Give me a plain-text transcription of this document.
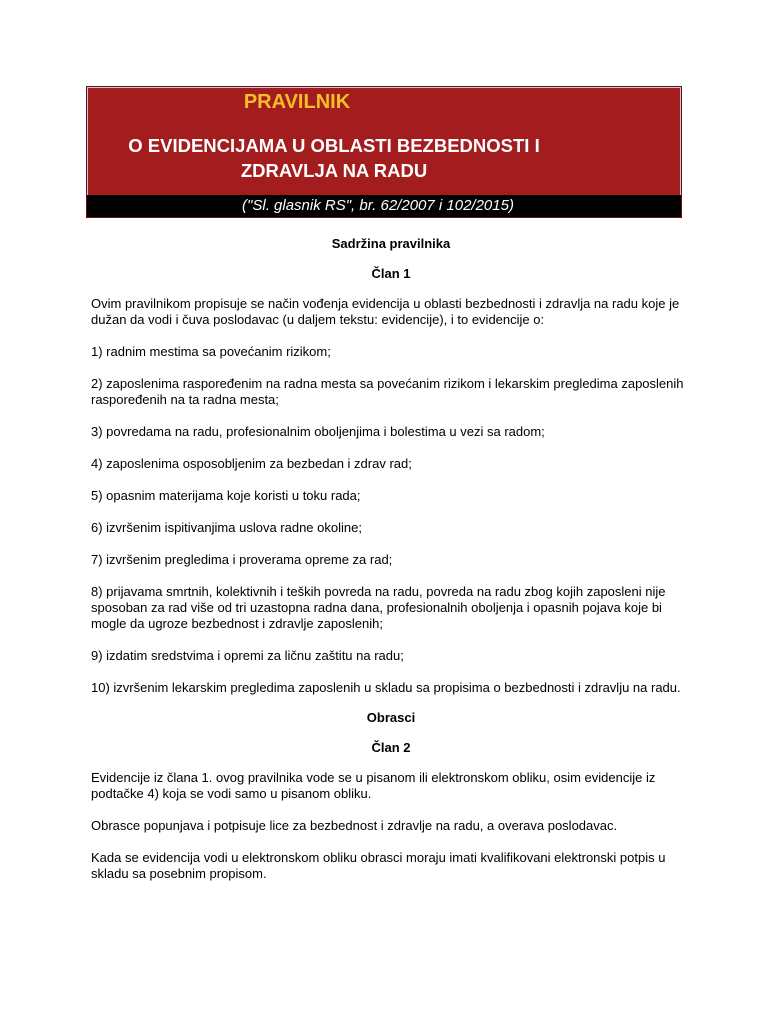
PRAVILNIK
O EVIDENCIJAMA U OBLASTI BEZBEDNOSTI I ZDRAVLJA NA RADU
("Sl. glasnik RS", br. 62/2007 i 102/2015)
Sadržina pravilnika
Član 1

Ovim pravilnikom propisuje se način vođenja evidencija u oblasti bezbednosti i zdravlja na radu koje je dužan da vodi i čuva poslodavac (u daljem tekstu: evidencije), i to evidencije o:

1) radnim mestima sa povećanim rizikom;

2) zaposlenima raspoređenim na radna mesta sa povećanim rizikom i lekarskim pregledima zaposlenih raspoređenih na ta radna mesta;

3) povredama na radu, profesionalnim oboljenjima i bolestima u vezi sa radom;

4) zaposlenima osposobljenim za bezbedan i zdrav rad;

5) opasnim materijama koje koristi u toku rada;

6) izvršenim ispitivanjima uslova radne okoline;

7) izvršenim pregledima i proverama opreme za rad;

8) prijavama smrtnih, kolektivnih i teških povreda na radu, povreda na radu zbog kojih zaposleni nije sposoban za rad više od tri uzastopna radna dana, profesionalnih oboljenja i opasnih pojava koje bi mogle da ugroze bezbednost i zdravlje zaposlenih;

9) izdatim sredstvima i opremi za ličnu zaštitu na radu;

10) izvršenim lekarskim pregledima zaposlenih u skladu sa propisima o bezbednosti i zdravlju na radu.

Obrasci
Član 2

Evidencije iz člana 1. ovog pravilnika vode se u pisanom ili elektronskom obliku, osim evidencije iz podtačke 4) koja se vodi samo u pisanom obliku.

Obrasce popunjava i potpisuje lice za bezbednost i zdravlje na radu, a overava poslodavac.

Kada se evidencija vodi u elektronskom obliku obrasci moraju imati kvalifikovani elektronski potpis u skladu sa posebnim propisom.
